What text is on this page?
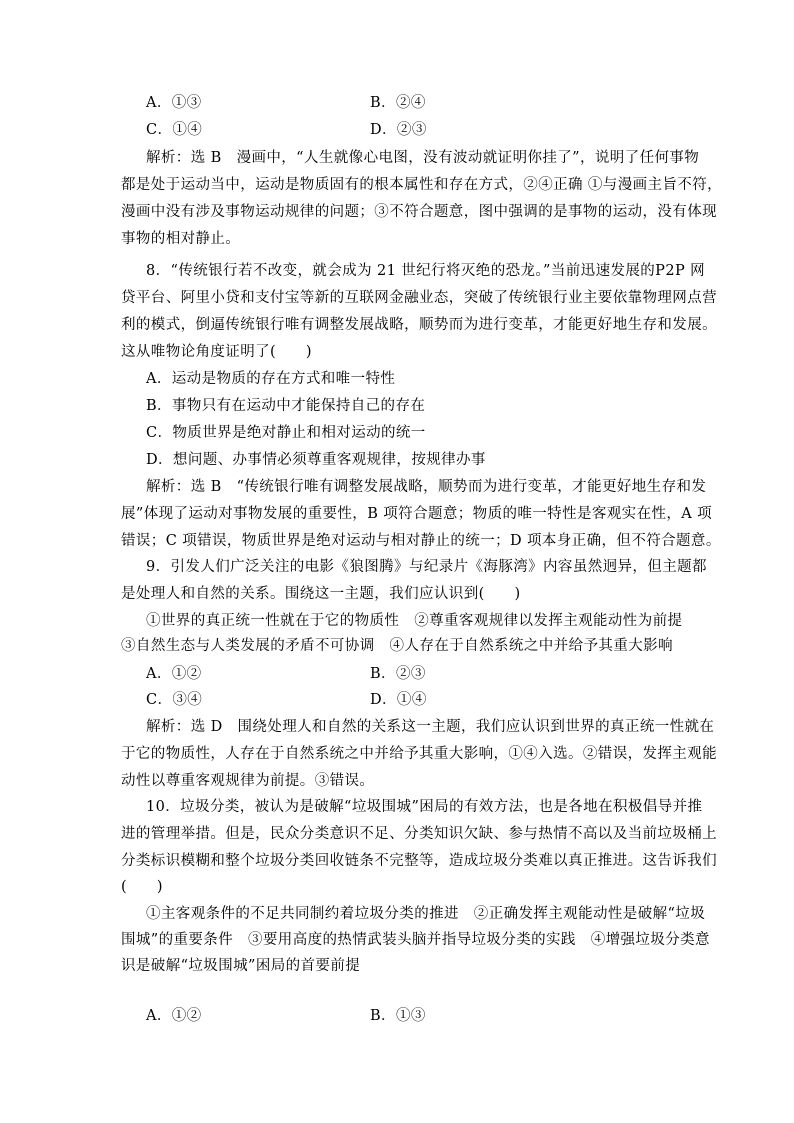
A．①③	B．②④
C．①④	D．②③
解析：选 B　漫画中，“人生就像心电图，没有波动就证明你挂了”，说明了任何事物
都是处于运动当中，运动是物质固有的根本属性和存在方式，②④正确 ①与漫画主旨不符，
漫画中没有涉及事物运动规律的问题；③不符合题意，图中强调的是事物的运动，没有体现
事物的相对静止。
8．“传统银行若不改变，就会成为 21 世纪行将灭绝的恐龙。”当前迅速发展的P2P 网
贷平台、阿里小贷和支付宝等新的互联网金融业态，突破了传统银行业主要依靠物理网点营
利的模式，倒逼传统银行唯有调整发展战略，顺势而为进行变革，才能更好地生存和发展。
这从唯物论角度证明了(　　)
A．运动是物质的存在方式和唯一特性
B．事物只有在运动中才能保持自己的存在
C．物质世界是绝对静止和相对运动的统一
D．想问题、办事情必须尊重客观规律，按规律办事
解析：选 B　“传统银行唯有调整发展战略，顺势而为进行变革，才能更好地生存和发
展”体现了运动对事物发展的重要性，B 项符合题意；物质的唯一特性是客观实在性，A 项
错误；C 项错误，物质世界是绝对运动与相对静止的统一；D 项本身正确，但不符合题意。
9．引发人们广泛关注的电影《狼图腾》与纪录片《海豚湾》内容虽然迥异，但主题都
是处理人和自然的关系。围绕这一主题，我们应认识到(　　)
①世界的真正统一性就在于它的物质性　②尊重客观规律以发挥主观能动性为前提
③自然生态与人类发展的矛盾不可协调　④人存在于自然系统之中并给予其重大影响
A．①②	B．②③
C．③④	D．①④
解析：选 D　围绕处理人和自然的关系这一主题，我们应认识到世界的真正统一性就在
于它的物质性，人存在于自然系统之中并给予其重大影响，①④入选。②错误，发挥主观能
动性以尊重客观规律为前提。③错误。
10．垃圾分类，被认为是破解“垃圾围城”困局的有效方法，也是各地在积极倡导并推
进的管理举措。但是，民众分类意识不足、分类知识欠缺、参与热情不高以及当前垃圾桶上
分类标识模糊和整个垃圾分类回收链条不完整等，造成垃圾分类难以真正推进。这告诉我们
(　　)
①主客观条件的不足共同制约着垃圾分类的推进　②正确发挥主观能动性是破解“垃圾
围城”的重要条件　③要用高度的热情武装头脑并指导垃圾分类的实践　④增强垃圾分类意
识是破解“垃圾围城”困局的首要前提
A．①②	B．①③
